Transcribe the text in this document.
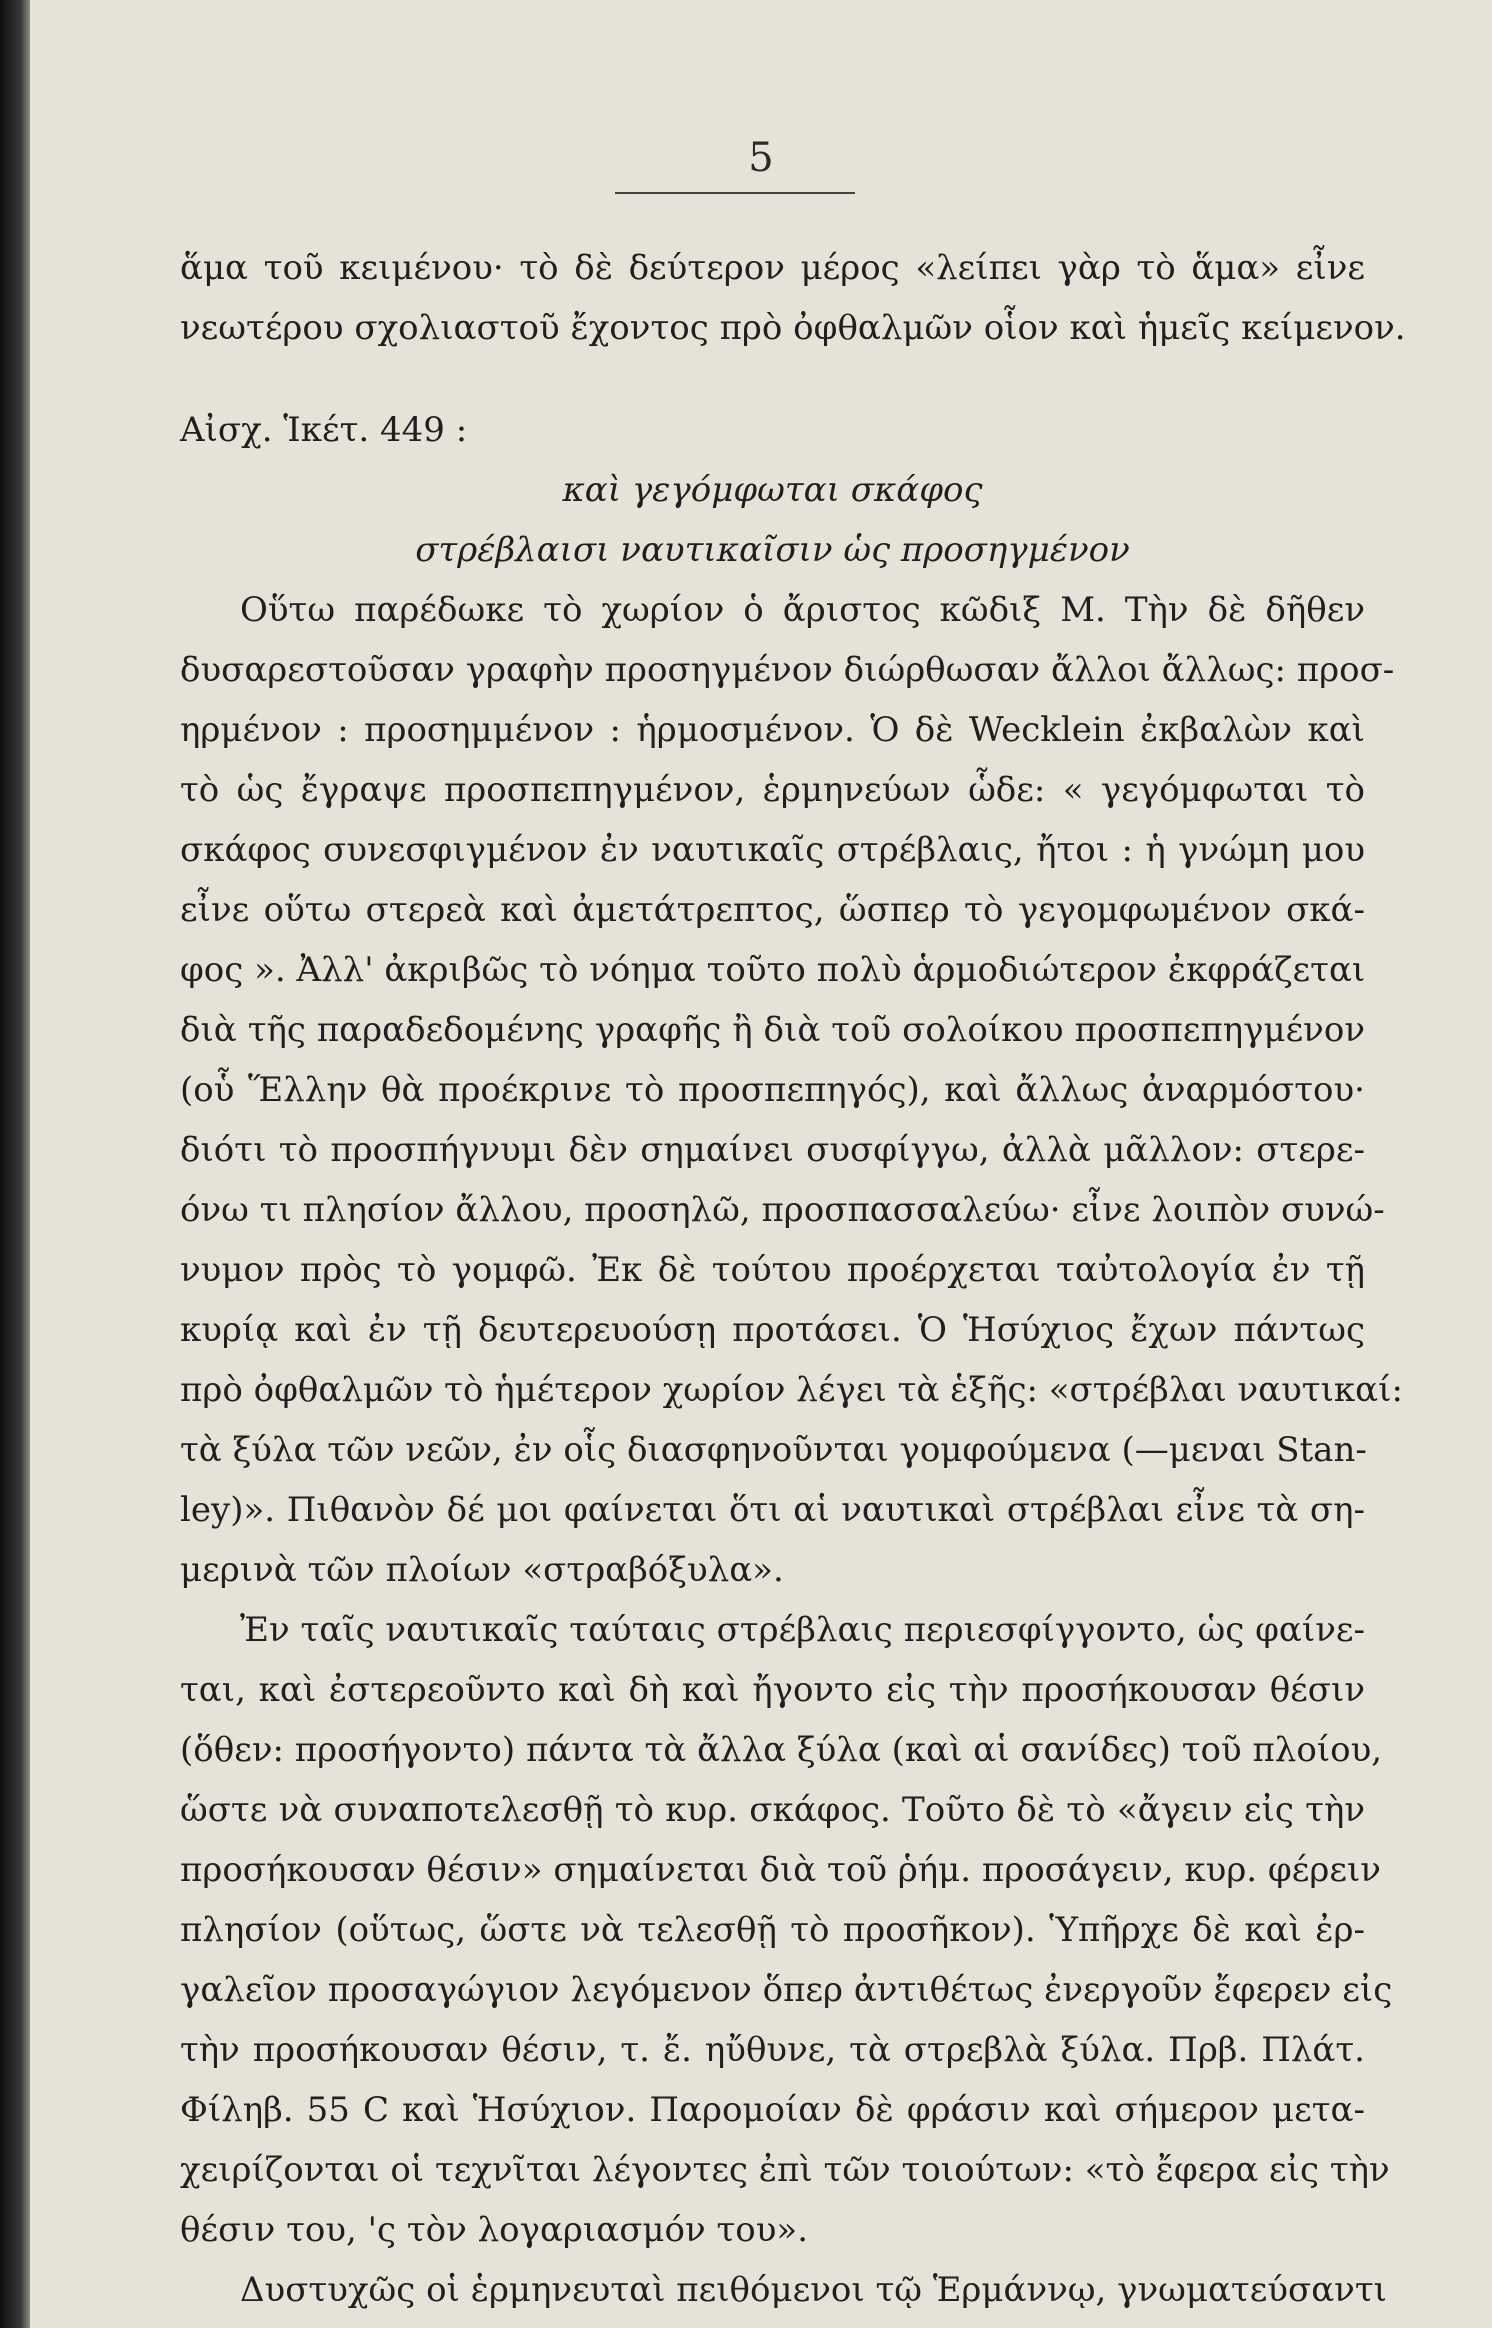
5
ἅμα τοῦ κειμένου· τὸ δὲ δεύτερον μέρος «λείπει γὰρ τὸ ἅμα» εἶνε
νεωτέρου σχολιαστοῦ ἔχοντος πρὸ ὀφθαλμῶν οἷον καὶ ἡμεῖς κείμενον.
Αἰσχ. Ἱκέτ. 449 :
καὶ γεγόμφωται σκάφος
στρέβλαισι ναυτικαῖσιν ὡς προσηγμένον
Οὕτω παρέδωκε τὸ χωρίον ὁ ἄριστος κῶδιξ Μ. Τὴν δὲ δῆθεν
δυσαρεστοῦσαν γραφὴν προσηγμένον διώρθωσαν ἄλλοι ἄλλως: προσ-
ηρμένον : προσημμένον : ἡρμοσμένον. Ὁ δὲ Wecklein ἐκβαλὼν καὶ
τὸ ὡς ἔγραψε προσπεπηγμένον, ἑρμηνεύων ὧδε: « γεγόμφωται τὸ
σκάφος συνεσφιγμένον ἐν ναυτικαῖς στρέβλαις, ἤτοι : ἡ γνώμη μου
εἶνε οὕτω στερεὰ καὶ ἀμετάτρεπτος, ὥσπερ τὸ γεγομφωμένον σκά-
φος ». Ἀλλ' ἀκριβῶς τὸ νόημα τοῦτο πολὺ ἁρμοδιώτερον ἐκφράζεται
διὰ τῆς παραδεδομένης γραφῆς ἢ διὰ τοῦ σολοίκου προσπεπηγμένον
(οὗ Ἕλλην θὰ προέκρινε τὸ προσπεπηγός), καὶ ἄλλως ἀναρμόστου·
διότι τὸ προσπήγνυμι δὲν σημαίνει συσφίγγω, ἀλλὰ μᾶλλον: στερε-
όνω τι πλησίον ἄλλου, προσηλῶ, προσπασσαλεύω· εἶνε λοιπὸν συνώ-
νυμον πρὸς τὸ γομφῶ. Ἐκ δὲ τούτου προέρχεται ταὐτολογία ἐν τῇ
κυρίᾳ καὶ ἐν τῇ δευτερευούσῃ προτάσει. Ὁ Ἡσύχιος ἔχων πάντως
πρὸ ὀφθαλμῶν τὸ ἡμέτερον χωρίον λέγει τὰ ἑξῆς: «στρέβλαι ναυτικαί:
τὰ ξύλα τῶν νεῶν, ἐν οἷς διασφηνοῦνται γομφούμενα (—μεναι Stan-
ley)». Πιθανὸν δέ μοι φαίνεται ὅτι αἱ ναυτικαὶ στρέβλαι εἶνε τὰ ση-
μερινὰ τῶν πλοίων «στραβόξυλα».
Ἐν ταῖς ναυτικαῖς ταύταις στρέβλαις περιεσφίγγοντο, ὡς φαίνε-
ται, καὶ ἐστερεοῦντο καὶ δὴ καὶ ἤγοντο εἰς τὴν προσήκουσαν θέσιν
(ὅθεν: προσήγοντο) πάντα τὰ ἄλλα ξύλα (καὶ αἱ σανίδες) τοῦ πλοίου,
ὥστε νὰ συναποτελεσθῇ τὸ κυρ. σκάφος. Τοῦτο δὲ τὸ «ἄγειν εἰς τὴν
προσήκουσαν θέσιν» σημαίνεται διὰ τοῦ ῥήμ. προσάγειν, κυρ. φέρειν
πλησίον (οὕτως, ὥστε νὰ τελεσθῇ τὸ προσῆκον). Ὑπῆρχε δὲ καὶ ἐρ-
γαλεῖον προσαγώγιον λεγόμενον ὅπερ ἀντιθέτως ἐνεργοῦν ἔφερεν εἰς
τὴν προσήκουσαν θέσιν, τ. ἔ. ηὔθυνε, τὰ στρεβλὰ ξύλα. Πρβ. Πλάτ.
Φίληβ. 55 C καὶ Ἡσύχιον. Παρομοίαν δὲ φράσιν καὶ σήμερον μετα-
χειρίζονται οἱ τεχνῖται λέγοντες ἐπὶ τῶν τοιούτων: «τὸ ἔφερα εἰς τὴν
θέσιν του, 'ς τὸν λογαριασμόν του».
Δυστυχῶς οἱ ἑρμηνευταὶ πειθόμενοι τῷ Ἑρμάννῳ, γνωματεύσαντι
